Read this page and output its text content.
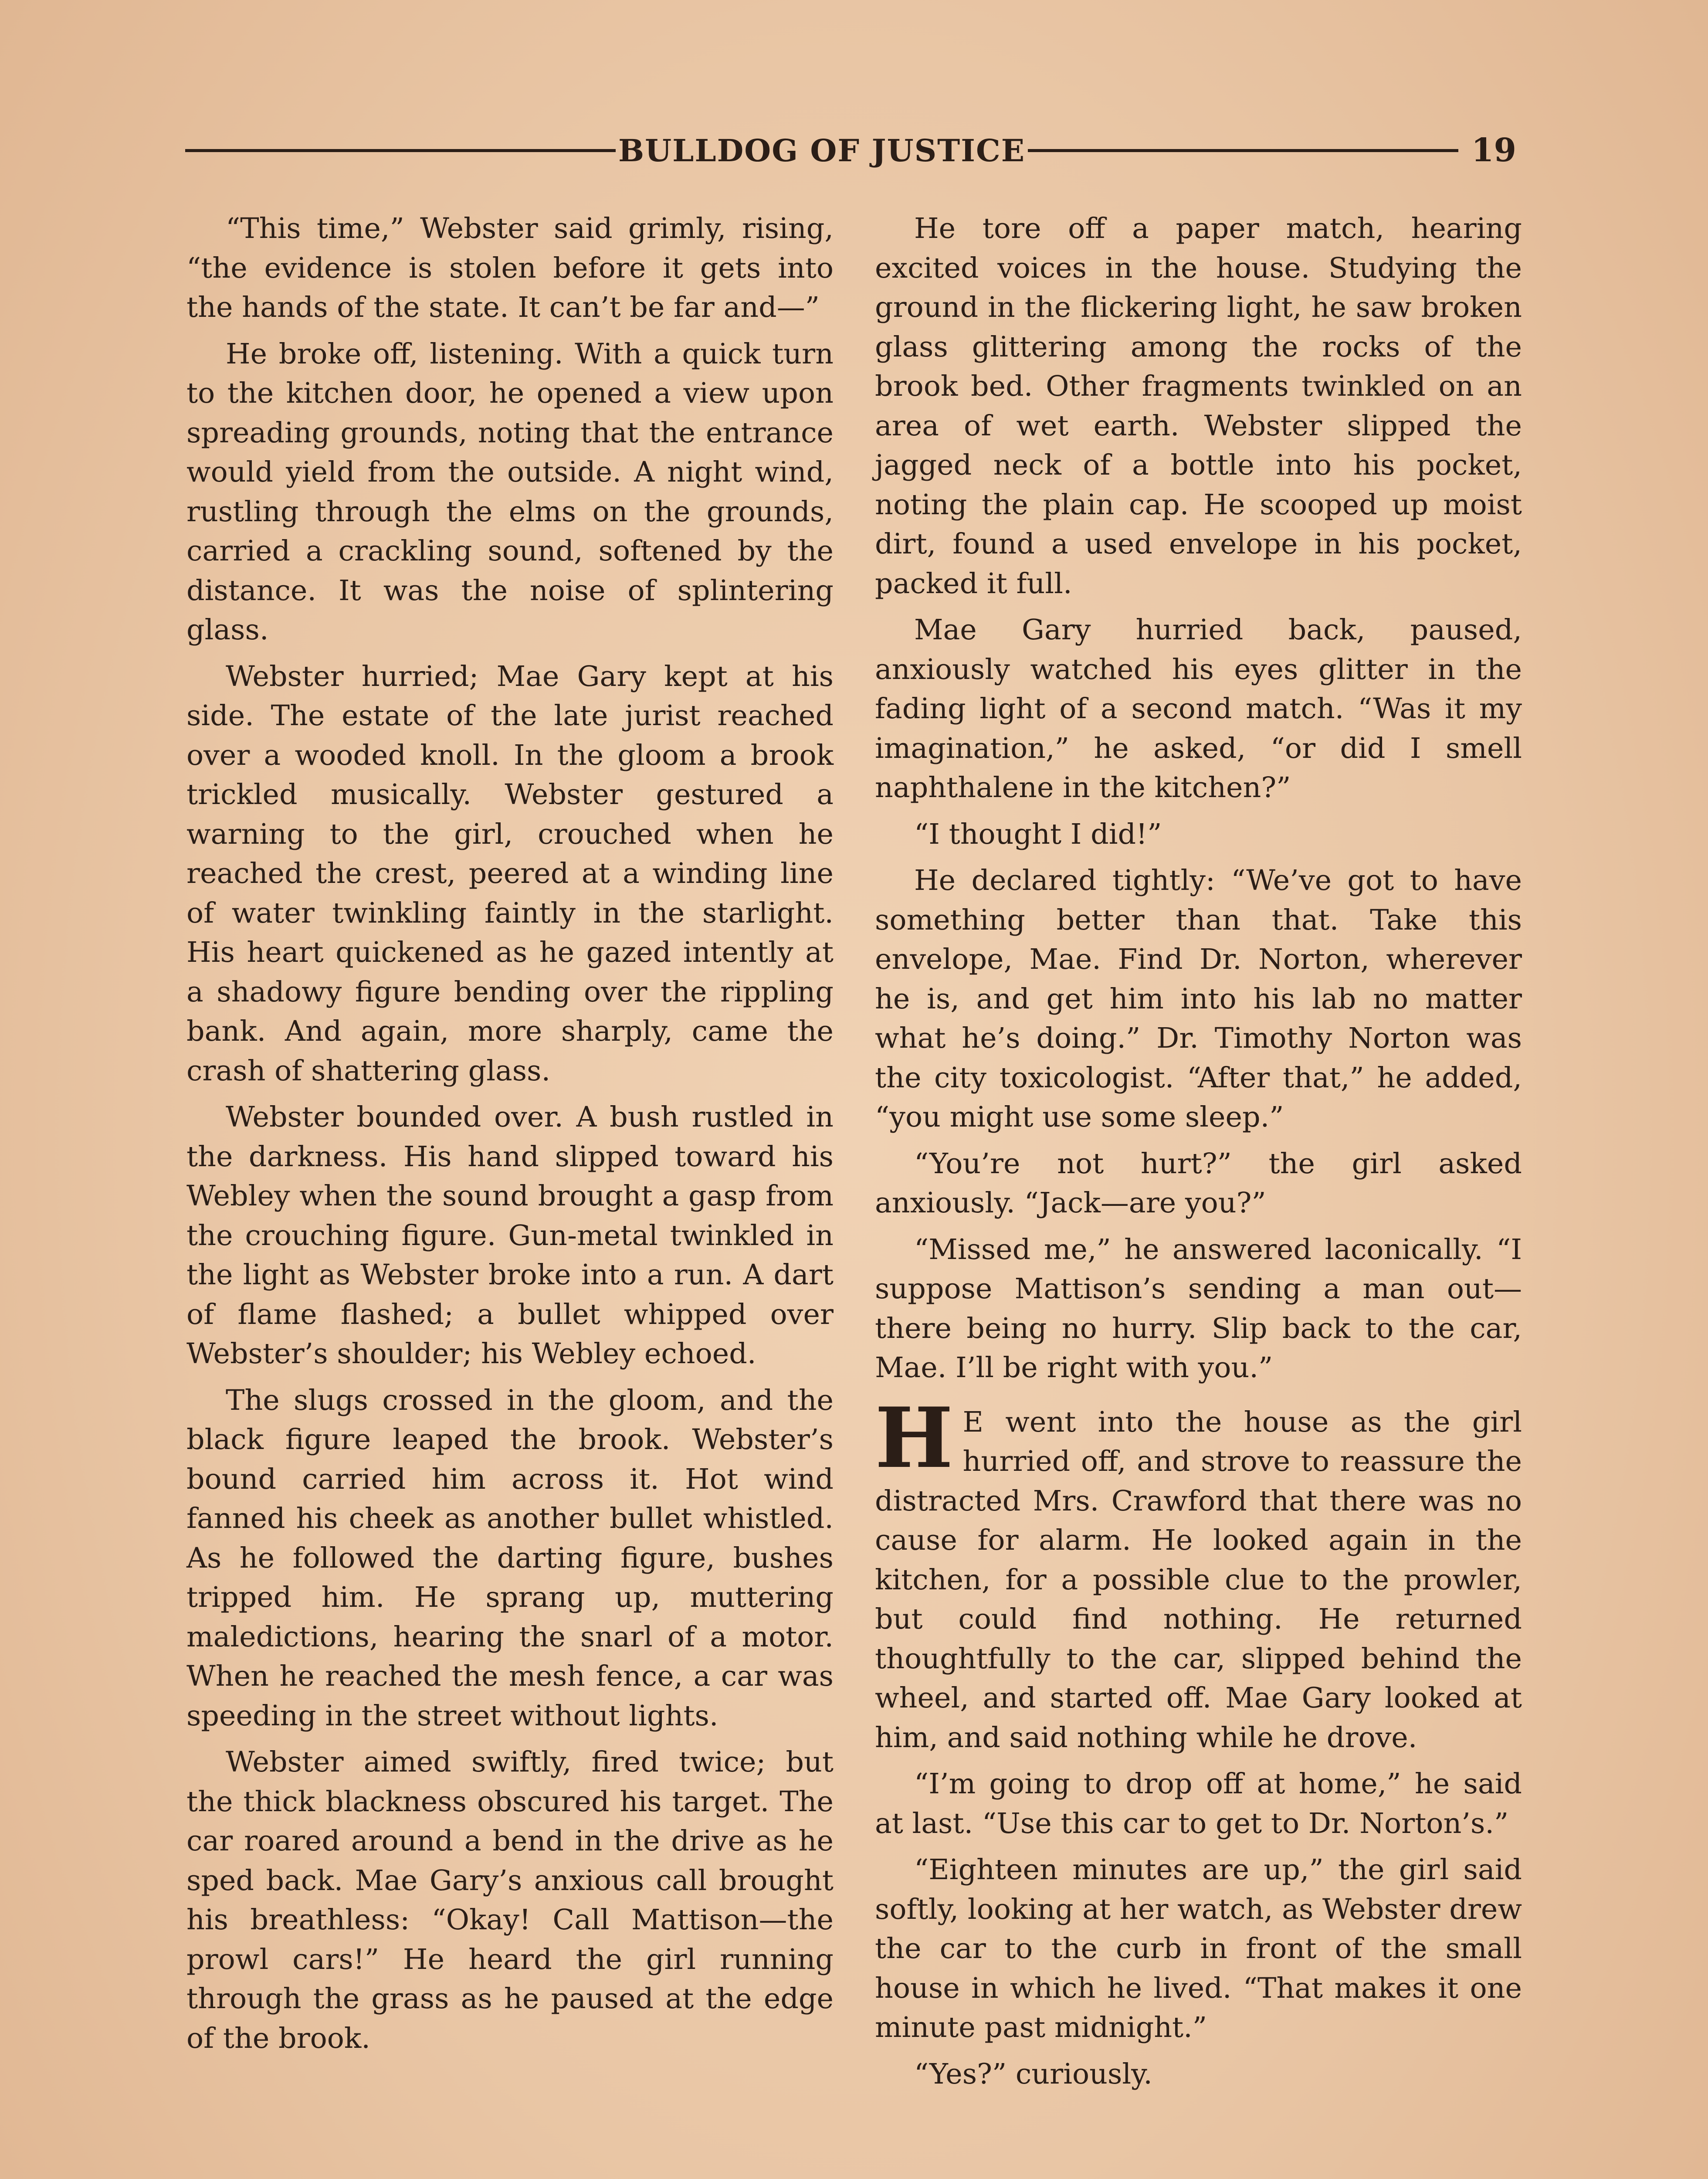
BULLDOG OF JUSTICE	19

“This time,” Webster said grimly, rising, “the evidence is stolen before it gets into the hands of the state. It can’t be far and—”

He broke off, listening. With a quick turn to the kitchen door, he opened a view upon spreading grounds, noting that the entrance would yield from the outside. A night wind, rustling through the elms on the grounds, carried a crackling sound, softened by the distance. It was the noise of splintering glass.

Webster hurried; Mae Gary kept at his side. The estate of the late jurist reached over a wooded knoll. In the gloom a brook trickled musically. Webster gestured a warning to the girl, crouched when he reached the crest, peered at a winding line of water twinkling faintly in the starlight. His heart quickened as he gazed intently at a shadowy figure bending over the rippling bank. And again, more sharply, came the crash of shattering glass.

Webster bounded over. A bush rustled in the darkness. His hand slipped toward his Webley when the sound brought a gasp from the crouching figure. Gun-metal twinkled in the light as Webster broke into a run. A dart of flame flashed; a bullet whipped over Webster’s shoulder; his Webley echoed.

The slugs crossed in the gloom, and the black figure leaped the brook. Webster’s bound carried him across it. Hot wind fanned his cheek as another bullet whistled. As he followed the darting figure, bushes tripped him. He sprang up, muttering maledictions, hearing the snarl of a motor. When he reached the mesh fence, a car was speeding in the street without lights.

Webster aimed swiftly, fired twice; but the thick blackness obscured his target. The car roared around a bend in the drive as he sped back. Mae Gary’s anxious call brought his breathless: “Okay! Call Mattison—the prowl cars!” He heard the girl running through the grass as he paused at the edge of the brook.

He tore off a paper match, hearing excited voices in the house. Studying the ground in the flickering light, he saw broken glass glittering among the rocks of the brook bed. Other fragments twinkled on an area of wet earth. Webster slipped the jagged neck of a bottle into his pocket, noting the plain cap. He scooped up moist dirt, found a used envelope in his pocket, packed it full.

Mae Gary hurried back, paused, anxiously watched his eyes glitter in the fading light of a second match. “Was it my imagination,” he asked, “or did I smell naphthalene in the kitchen?”

“I thought I did!”

He declared tightly: “We’ve got to have something better than that. Take this envelope, Mae. Find Dr. Norton, wherever he is, and get him into his lab no matter what he’s doing.” Dr. Timothy Norton was the city toxicologist. “After that,” he added, “you might use some sleep.”

“You’re not hurt?” the girl asked anxiously. “Jack—are you?”

“Missed me,” he answered laconically. “I suppose Mattison’s sending a man out—there being no hurry. Slip back to the car, Mae. I’ll be right with you.”

H E went into the house as the girl hurried off, and strove to reassure the distracted Mrs. Crawford that there was no cause for alarm. He looked again in the kitchen, for a possible clue to the prowler, but could find nothing. He returned thoughtfully to the car, slipped behind the wheel, and started off. Mae Gary looked at him, and said nothing while he drove.

“I’m going to drop off at home,” he said at last. “Use this car to get to Dr. Norton’s.”

“Eighteen minutes are up,” the girl said softly, looking at her watch, as Webster drew the car to the curb in front of the small house in which he lived. “That makes it one minute past midnight.”

“Yes?” curiously.
